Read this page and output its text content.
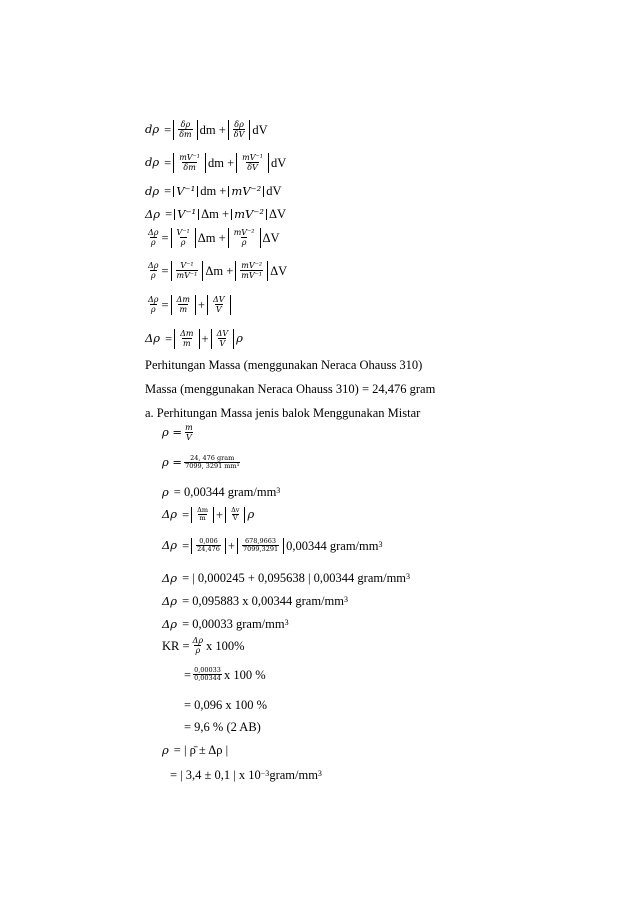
$d\rho = \frac{\delta\rho}{\delta m}$ dm + $\frac{\delta\rho}{\delta V}$ dV
$d\rho = \frac{\text{mV⁻¹}}{\delta m}$ dm + $\frac{\text{mV⁻¹}}{\delta V}$ dV
dρ = V⁻¹ dm + mV⁻² dV
Δρ = V⁻¹ Δm + mV⁻² ΔV
$\frac{\Delta\rho}{\rho} = \frac{\text{V⁻¹}}{\rho}$ $\Delta m + \frac{\text{mV⁻²}}{\rho}$ ΔV
$\frac{\Delta\rho}{\rho} = \frac{\text{V⁻¹}}{\text{mV⁻¹}}$ $\Delta m + \frac{\text{mV⁻²}}{\text{mV⁻¹}}$ ΔV
$\frac{\Delta\rho}{\rho} = \frac{\Delta m}{m} + \frac{\Delta V}{V}$
$\Delta\rho = \frac{\Delta m}{m} + \frac{\Delta V}{V}$ ρ
Perhitungan Massa (menggunakan Neraca Ohauss 310)
Massa (menggunakan Neraca Ohauss 310) = 24,476 gram
a. Perhitungan Massa jenis balok Menggunakan Mistar
$\rho = \frac{m}{V}$
$\rho = \frac{\text{24, 476 gram}}{\text{7099, 3291 mm³}}$
ρ = 0,00344 gram/$mm^3$
$\Delta\rho = \frac{\Delta m}{m} + \frac{\Delta v}{V}$ ρ
$\Delta\rho = \frac{0,006}{24,476} + \frac{678,9663}{7099,3291} 0,00344$ gram/$mm^3$
Δρ = | 0,000245 + 0,095638 | 0,00344 gram/$mm^3$
Δρ = 0,095883 x 0,00344 gram/$mm^3$
Δρ = 0,00033 gram/$mm^3$
KR = $\frac{\Delta\rho}{\rho}$ x 100%
= $\frac{0,00033}{0,00344}$ x 100 %
= 0,096 x 100 %
= 9,6 % (2 AB)
ρ = | ρ̄ ± Δρ |
= | 3,4 ± 0,1 | x $10^{-3}$ gram/$mm^3$
